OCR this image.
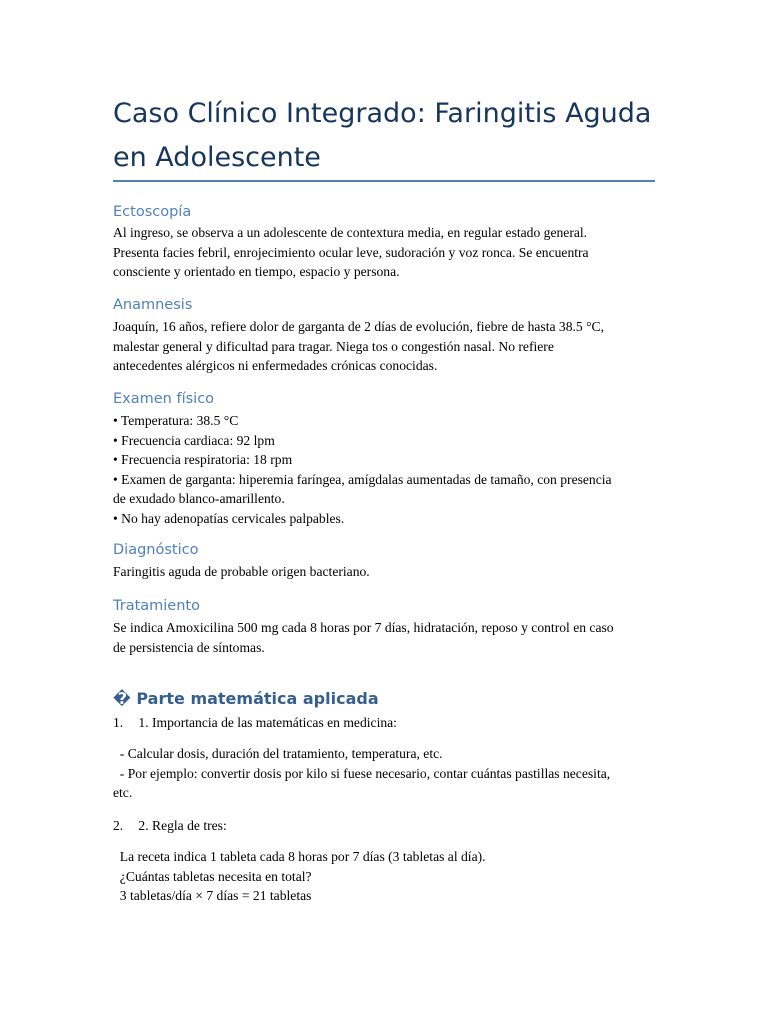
Caso Clínico Integrado: Faringitis Aguda
en Adolescente
Ectoscopía

Al ingreso, se observa a un adolescente de contextura media, en regular estado general.
Presenta facies febril, enrojecimiento ocular leve, sudoración y voz ronca. Se encuentra
consciente y orientado en tiempo, espacio y persona.

Anamnesis

Joaquín, 16 años, refiere dolor de garganta de 2 días de evolución, fiebre de hasta 38.5 °C,
malestar general y dificultad para tragar. Niega tos o congestión nasal. No refiere
antecedentes alérgicos ni enfermedades crónicas conocidas.

Examen físico

• Temperatura: 38.5 °C
• Frecuencia cardiaca: 92 lpm
• Frecuencia respiratoria: 18 rpm
• Examen de garganta: hiperemia faríngea, amígdalas aumentadas de tamaño, con presencia
de exudado blanco-amarillento.
• No hay adenopatías cervicales palpables.

Diagnóstico

Faringitis aguda de probable origen bacteriano.

Tratamiento

Se indica Amoxicilina 500 mg cada 8 horas por 7 días, hidratación, reposo y control en caso
de persistencia de síntomas.

� Parte matemática aplicada

1. 1. Importancia de las matemáticas en medicina:

- Calcular dosis, duración del tratamiento, temperatura, etc.
- Por ejemplo: convertir dosis por kilo si fuese necesario, contar cuántas pastillas necesita,
etc.

2. 2. Regla de tres:

La receta indica 1 tableta cada 8 horas por 7 días (3 tabletas al día).
¿Cuántas tabletas necesita en total?
3 tabletas/día × 7 días = 21 tabletas
